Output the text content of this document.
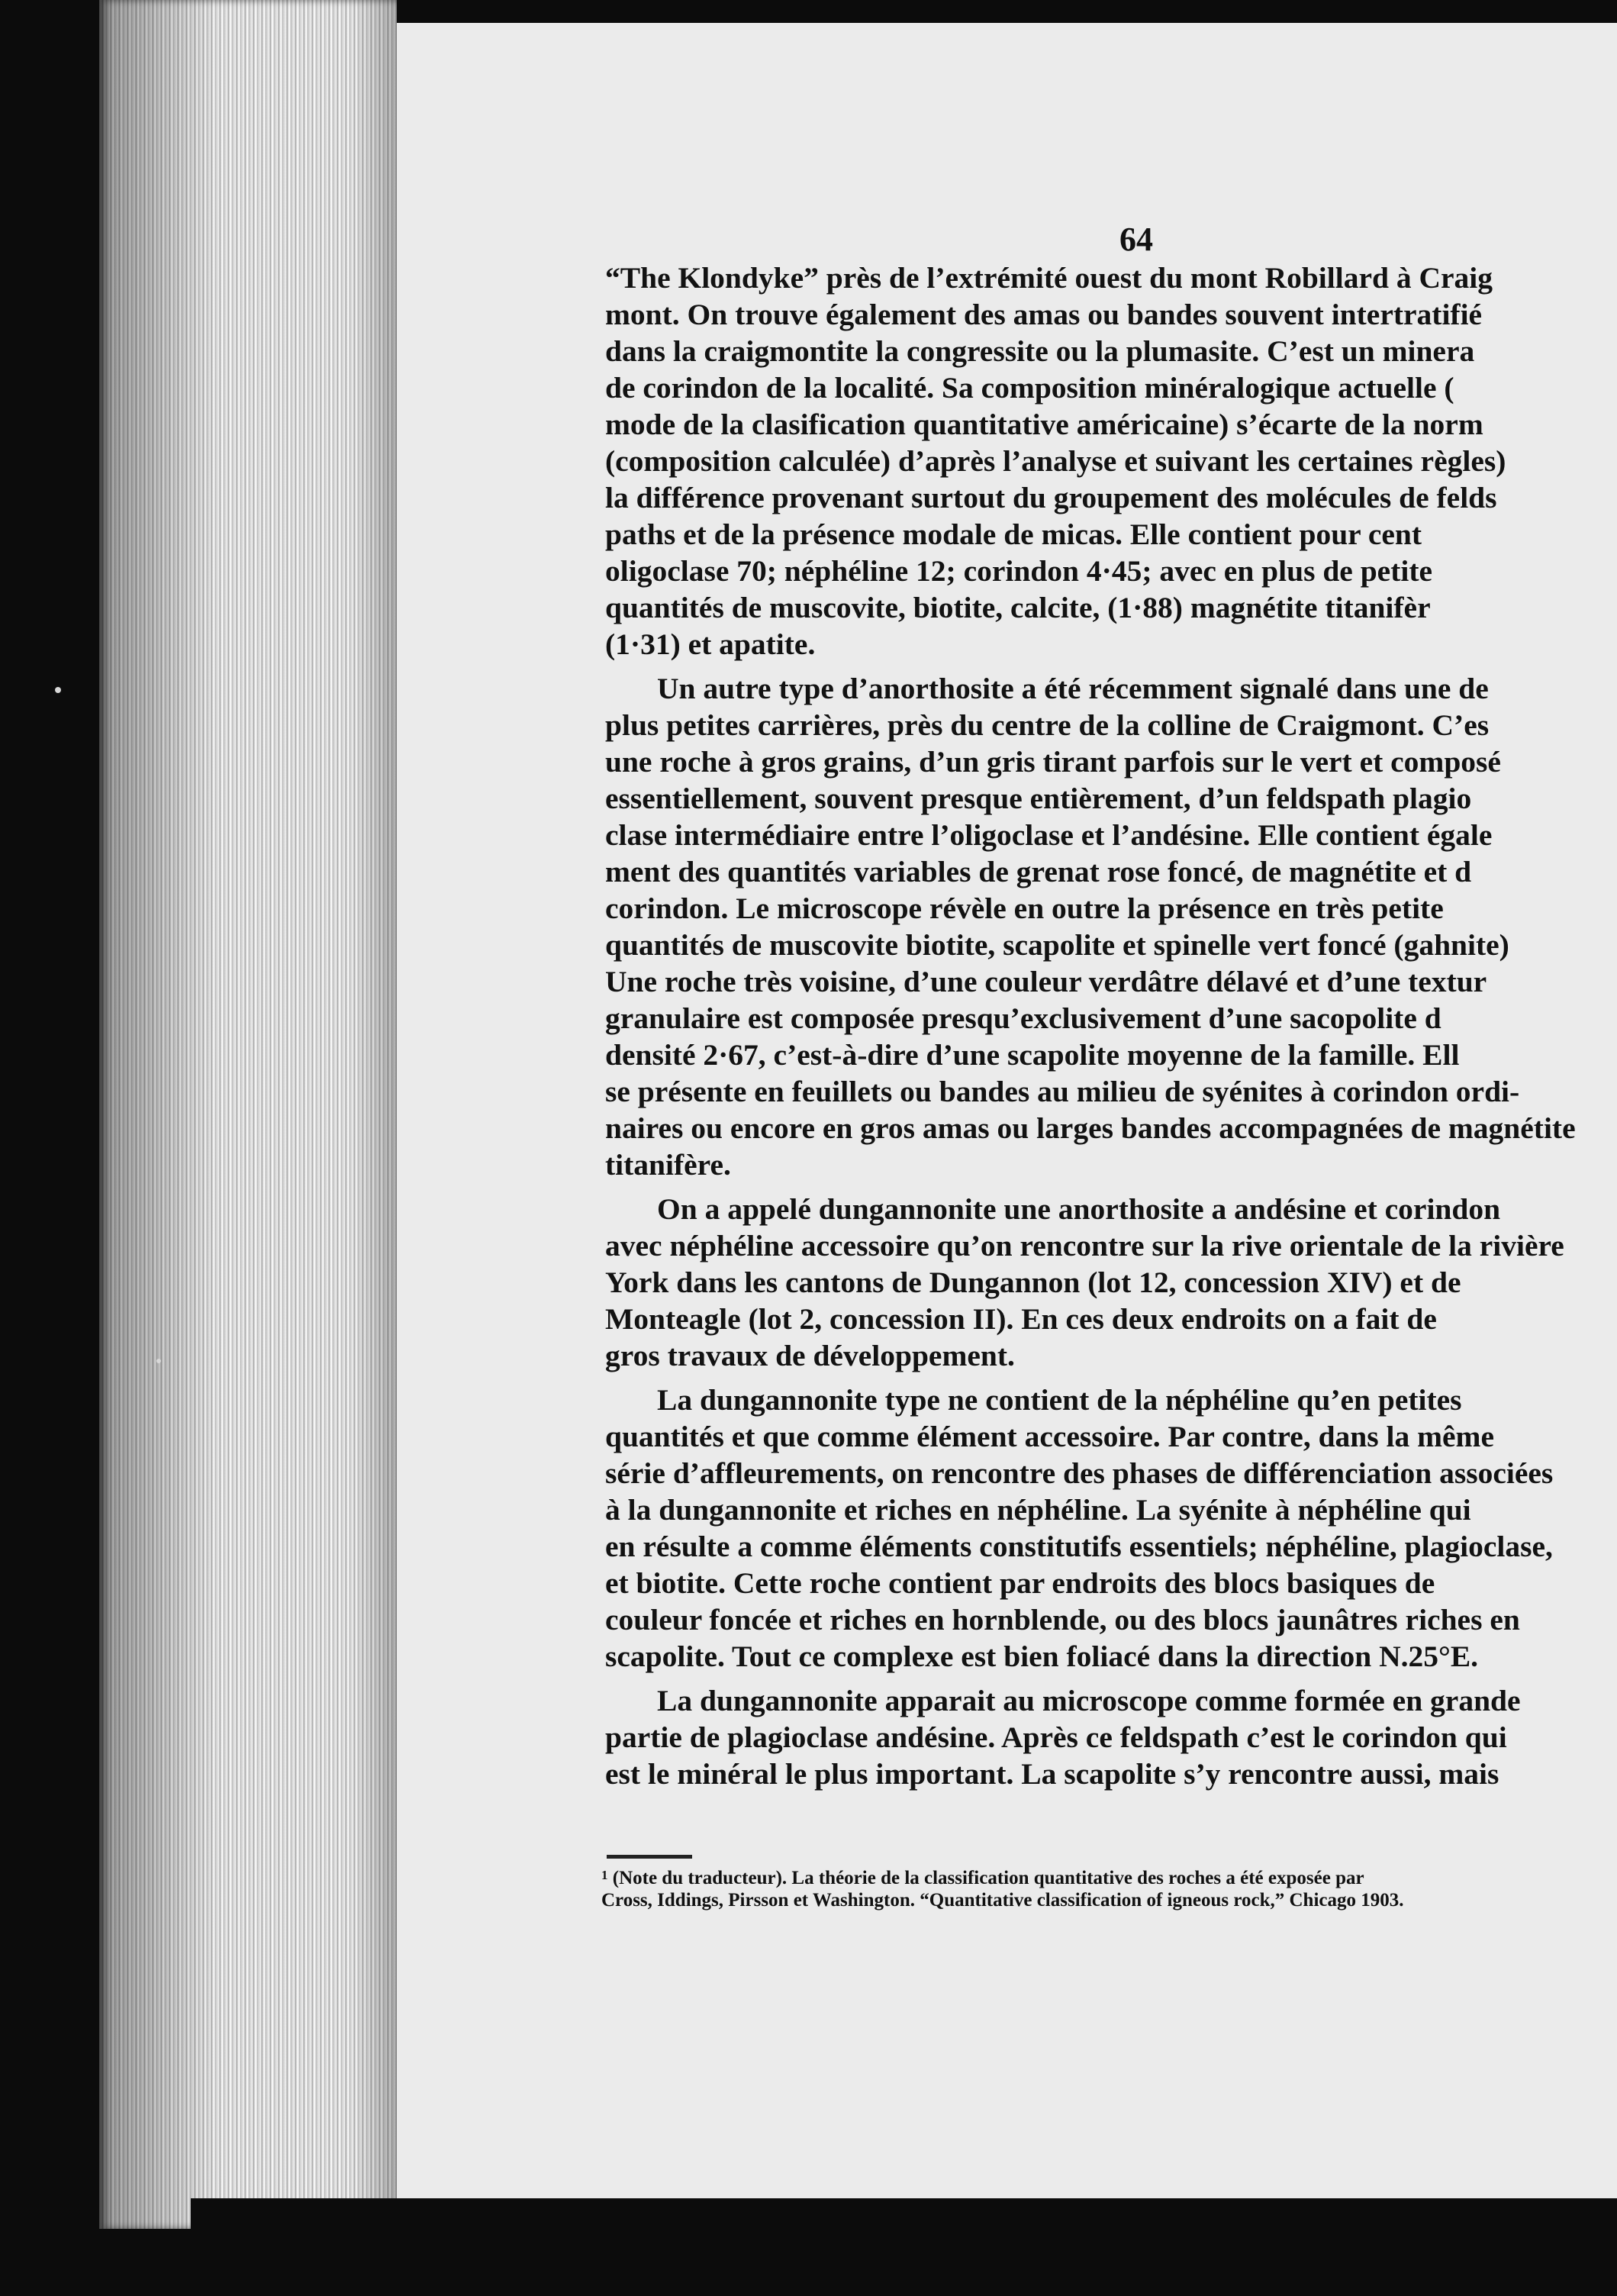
64
“The Klondyke” près de l’extrémité ouest du mont Robillard à Craig
mont. On trouve également des amas ou bandes souvent intertratifié
dans la craigmontite la congressite ou la plumasite. C’est un minera
de corindon de la localité. Sa composition minéralogique actuelle (
mode de la clasification quantitative américaine) s’écarte de la norm
(composition calculée) d’après l’analyse et suivant les certaines règles)
la différence provenant surtout du groupement des molécules de felds
paths et de la présence modale de micas. Elle contient pour cent
oligoclase 70; néphéline 12; corindon 4·45; avec en plus de petite
quantités de muscovite, biotite, calcite, (1·88) magnétite titanifèr
(1·31) et apatite.
Un autre type d’anorthosite a été récemment signalé dans une de
plus petites carrières, près du centre de la colline de Craigmont. C’es
une roche à gros grains, d’un gris tirant parfois sur le vert et composé
essentiellement, souvent presque entièrement, d’un feldspath plagio
clase intermédiaire entre l’oligoclase et l’andésine. Elle contient égale
ment des quantités variables de grenat rose foncé, de magnétite et d
corindon. Le microscope révèle en outre la présence en très petite
quantités de muscovite biotite, scapolite et spinelle vert foncé (gahnite)
Une roche très voisine, d’une couleur verdâtre délavé et d’une textur
granulaire est composée presqu’exclusivement d’une sacopolite d
densité 2·67, c’est-à-dire d’une scapolite moyenne de la famille. Ell
se présente en feuillets ou bandes au milieu de syénites à corindon ordi-
naires ou encore en gros amas ou larges bandes accompagnées de magnétite
titanifère.
On a appelé dungannonite une anorthosite a andésine et corindon
avec néphéline accessoire qu’on rencontre sur la rive orientale de la rivière
York dans les cantons de Dungannon (lot 12, concession XIV) et de
Monteagle (lot 2, concession II). En ces deux endroits on a fait de
gros travaux de développement.
La dungannonite type ne contient de la néphéline qu’en petites
quantités et que comme élément accessoire. Par contre, dans la même
série d’affleurements, on rencontre des phases de différenciation associées
à la dungannonite et riches en néphéline. La syénite à néphéline qui
en résulte a comme éléments constitutifs essentiels; néphéline, plagioclase,
et biotite. Cette roche contient par endroits des blocs basiques de
couleur foncée et riches en hornblende, ou des blocs jaunâtres riches en
scapolite. Tout ce complexe est bien foliacé dans la direction N.25°E.
La dungannonite apparait au microscope comme formée en grande
partie de plagioclase andésine. Après ce feldspath c’est le corindon qui
est le minéral le plus important. La scapolite s’y rencontre aussi, mais
$^1$ (Note du traducteur). La théorie de la classification quantitative des roches a été exposée par
Cross, Iddings, Pirsson et Washington. “Quantitative classification of igneous rock,” Chicago 1903.
